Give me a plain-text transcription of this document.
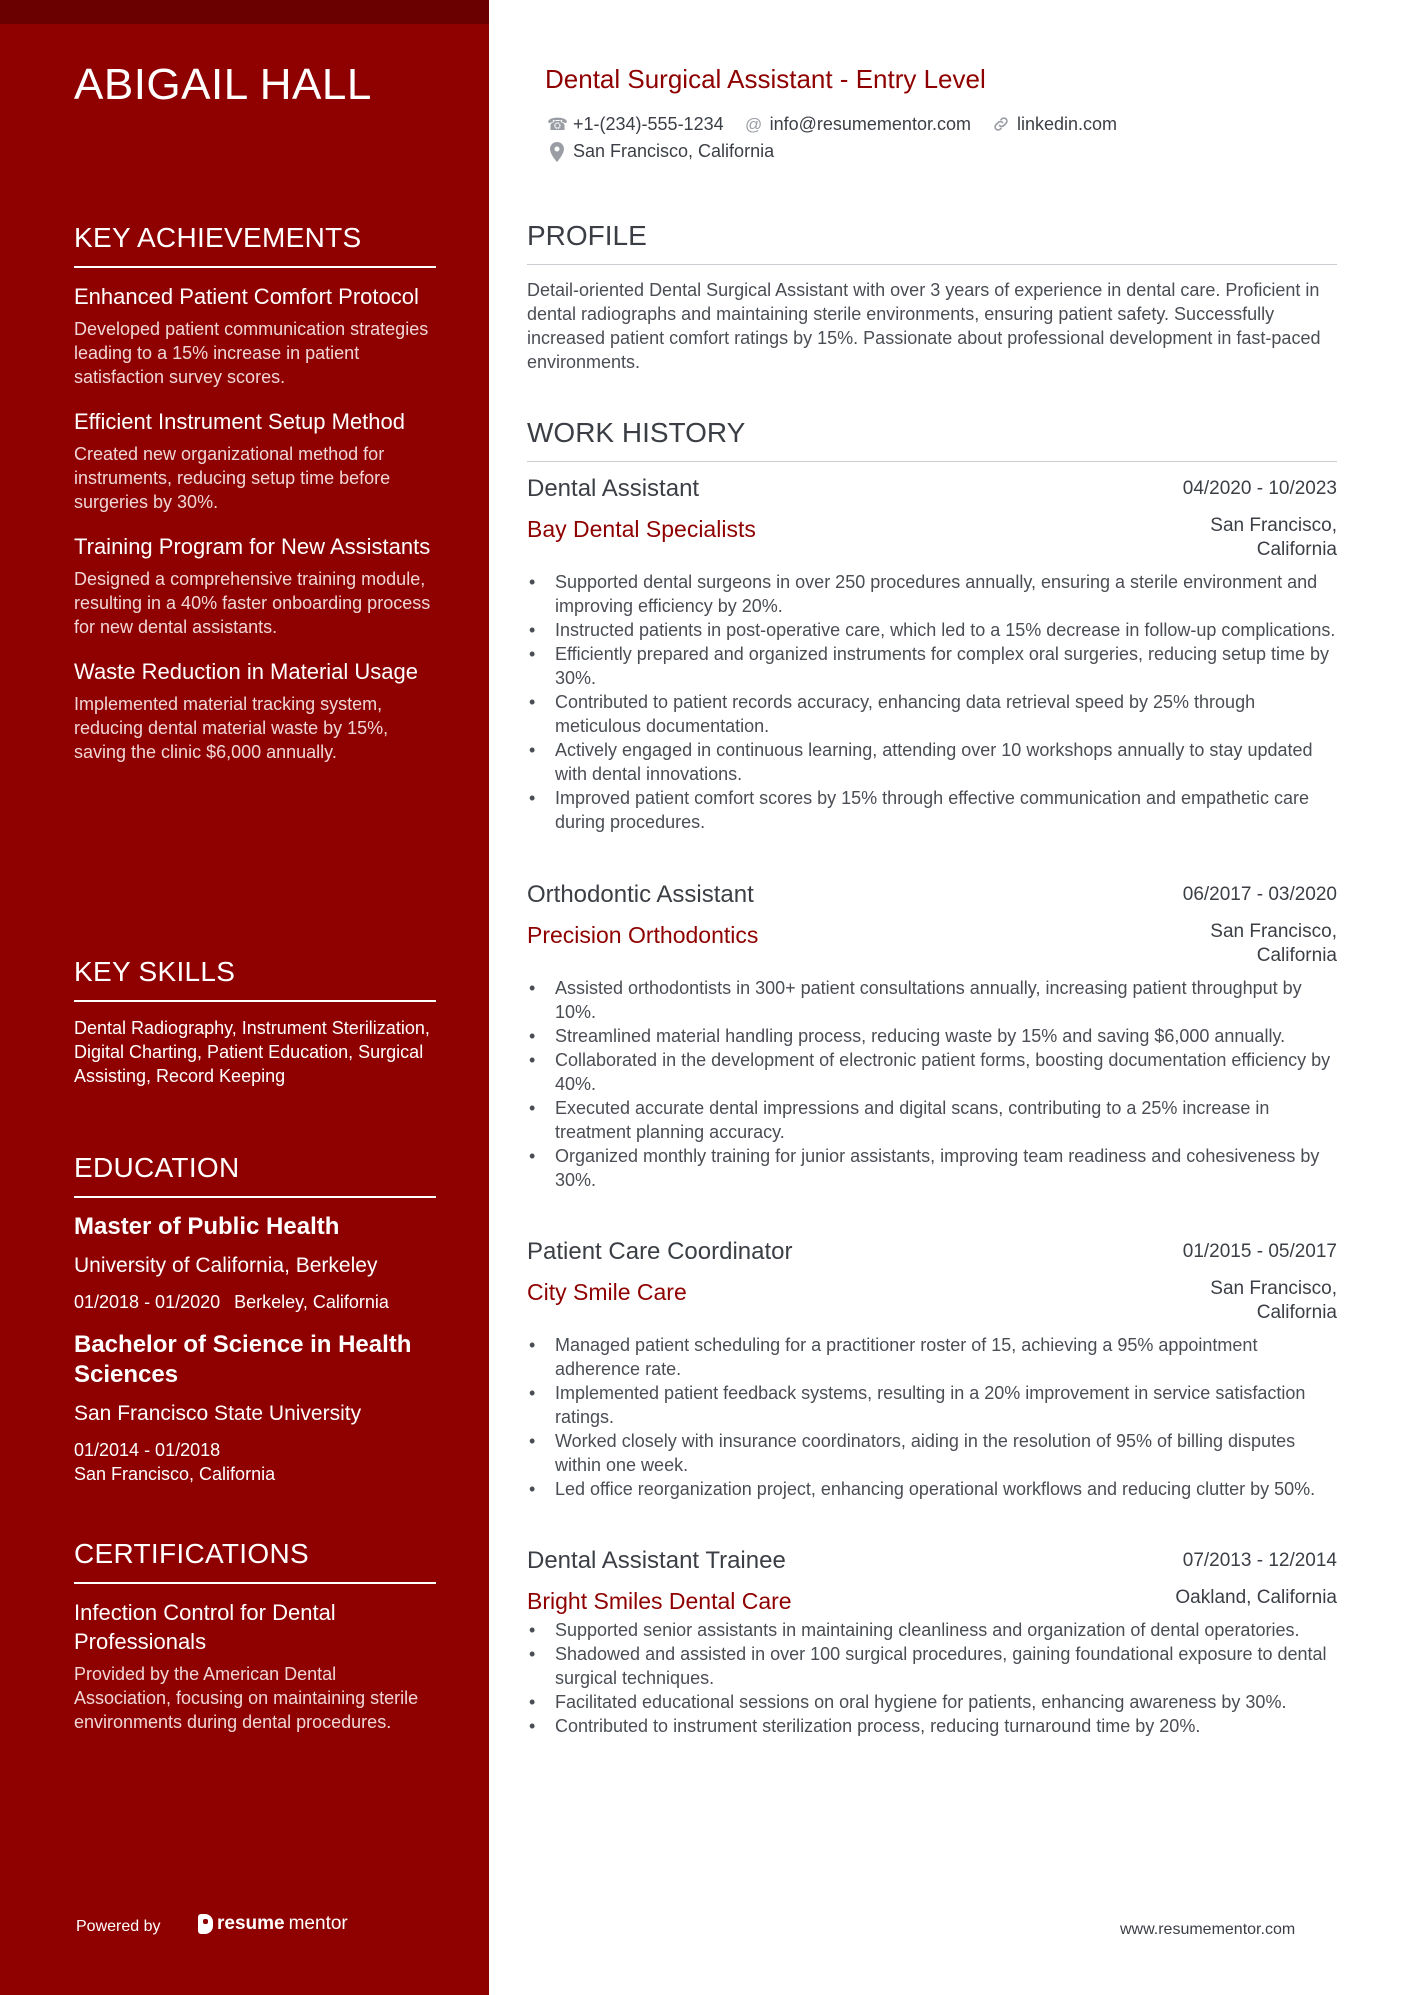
ABIGAIL HALL
KEY ACHIEVEMENTS
Enhanced Patient Comfort Protocol
Developed patient communication strategies leading to a 15% increase in patient satisfaction survey scores.
Efficient Instrument Setup Method
Created new organizational method for instruments, reducing setup time before surgeries by 30%.
Training Program for New Assistants
Designed a comprehensive training module, resulting in a 40% faster onboarding process for new dental assistants.
Waste Reduction in Material Usage
Implemented material tracking system, reducing dental material waste by 15%, saving the clinic $6,000 annually.
KEY SKILLS
Dental Radiography, Instrument Sterilization, Digital Charting, Patient Education, Surgical Assisting, Record Keeping
EDUCATION
Master of Public Health
University of California, Berkeley
01/2018 - 01/2020 Berkeley, California
Bachelor of Science in Health Sciences
San Francisco State University
01/2014 - 01/2018
San Francisco, California
CERTIFICATIONS
Infection Control for Dental Professionals
Provided by the American Dental Association, focusing on maintaining sterile environments during dental procedures.
Powered by	resume mentor
Dental Surgical Assistant - Entry Level
☎ +1-(234)-555-1234 @ info@resumementor.com	linkedin.com
San Francisco, California
PROFILE

Detail-oriented Dental Surgical Assistant with over 3 years of experience in dental care. Proficient in dental radiographs and maintaining sterile environments, ensuring patient safety. Successfully increased patient comfort ratings by 15%. Passionate about professional development in fast-paced environments.

WORK HISTORY
Dental Assistant	04/2020 - 10/2023
Bay Dental Specialists	San Francisco, California
• Supported dental surgeons in over 250 procedures annually, ensuring a sterile environment and improving efficiency by 20%.
• Instructed patients in post-operative care, which led to a 15% decrease in follow-up complications.
• Efficiently prepared and organized instruments for complex oral surgeries, reducing setup time by 30%.
• Contributed to patient records accuracy, enhancing data retrieval speed by 25% through meticulous documentation.
• Actively engaged in continuous learning, attending over 10 workshops annually to stay updated with dental innovations.
• Improved patient comfort scores by 15% through effective communication and empathetic care during procedures.
Orthodontic Assistant	06/2017 - 03/2020
Precision Orthodontics	San Francisco, California
• Assisted orthodontists in 300+ patient consultations annually, increasing patient throughput by 10%.
• Streamlined material handling process, reducing waste by 15% and saving $6,000 annually.
• Collaborated in the development of electronic patient forms, boosting documentation efficiency by 40%.
• Executed accurate dental impressions and digital scans, contributing to a 25% increase in treatment planning accuracy.
• Organized monthly training for junior assistants, improving team readiness and cohesiveness by 30%.
Patient Care Coordinator	01/2015 - 05/2017
City Smile Care	San Francisco, California
• Managed patient scheduling for a practitioner roster of 15, achieving a 95% appointment adherence rate.
• Implemented patient feedback systems, resulting in a 20% improvement in service satisfaction ratings.
• Worked closely with insurance coordinators, aiding in the resolution of 95% of billing disputes within one week.
• Led office reorganization project, enhancing operational workflows and reducing clutter by 50%.
Dental Assistant Trainee	07/2013 - 12/2014
Bright Smiles Dental Care	Oakland, California
• Supported senior assistants in maintaining cleanliness and organization of dental operatories.
• Shadowed and assisted in over 100 surgical procedures, gaining foundational exposure to dental surgical techniques.
• Facilitated educational sessions on oral hygiene for patients, enhancing awareness by 30%.
• Contributed to instrument sterilization process, reducing turnaround time by 20%.
www.resumementor.com
